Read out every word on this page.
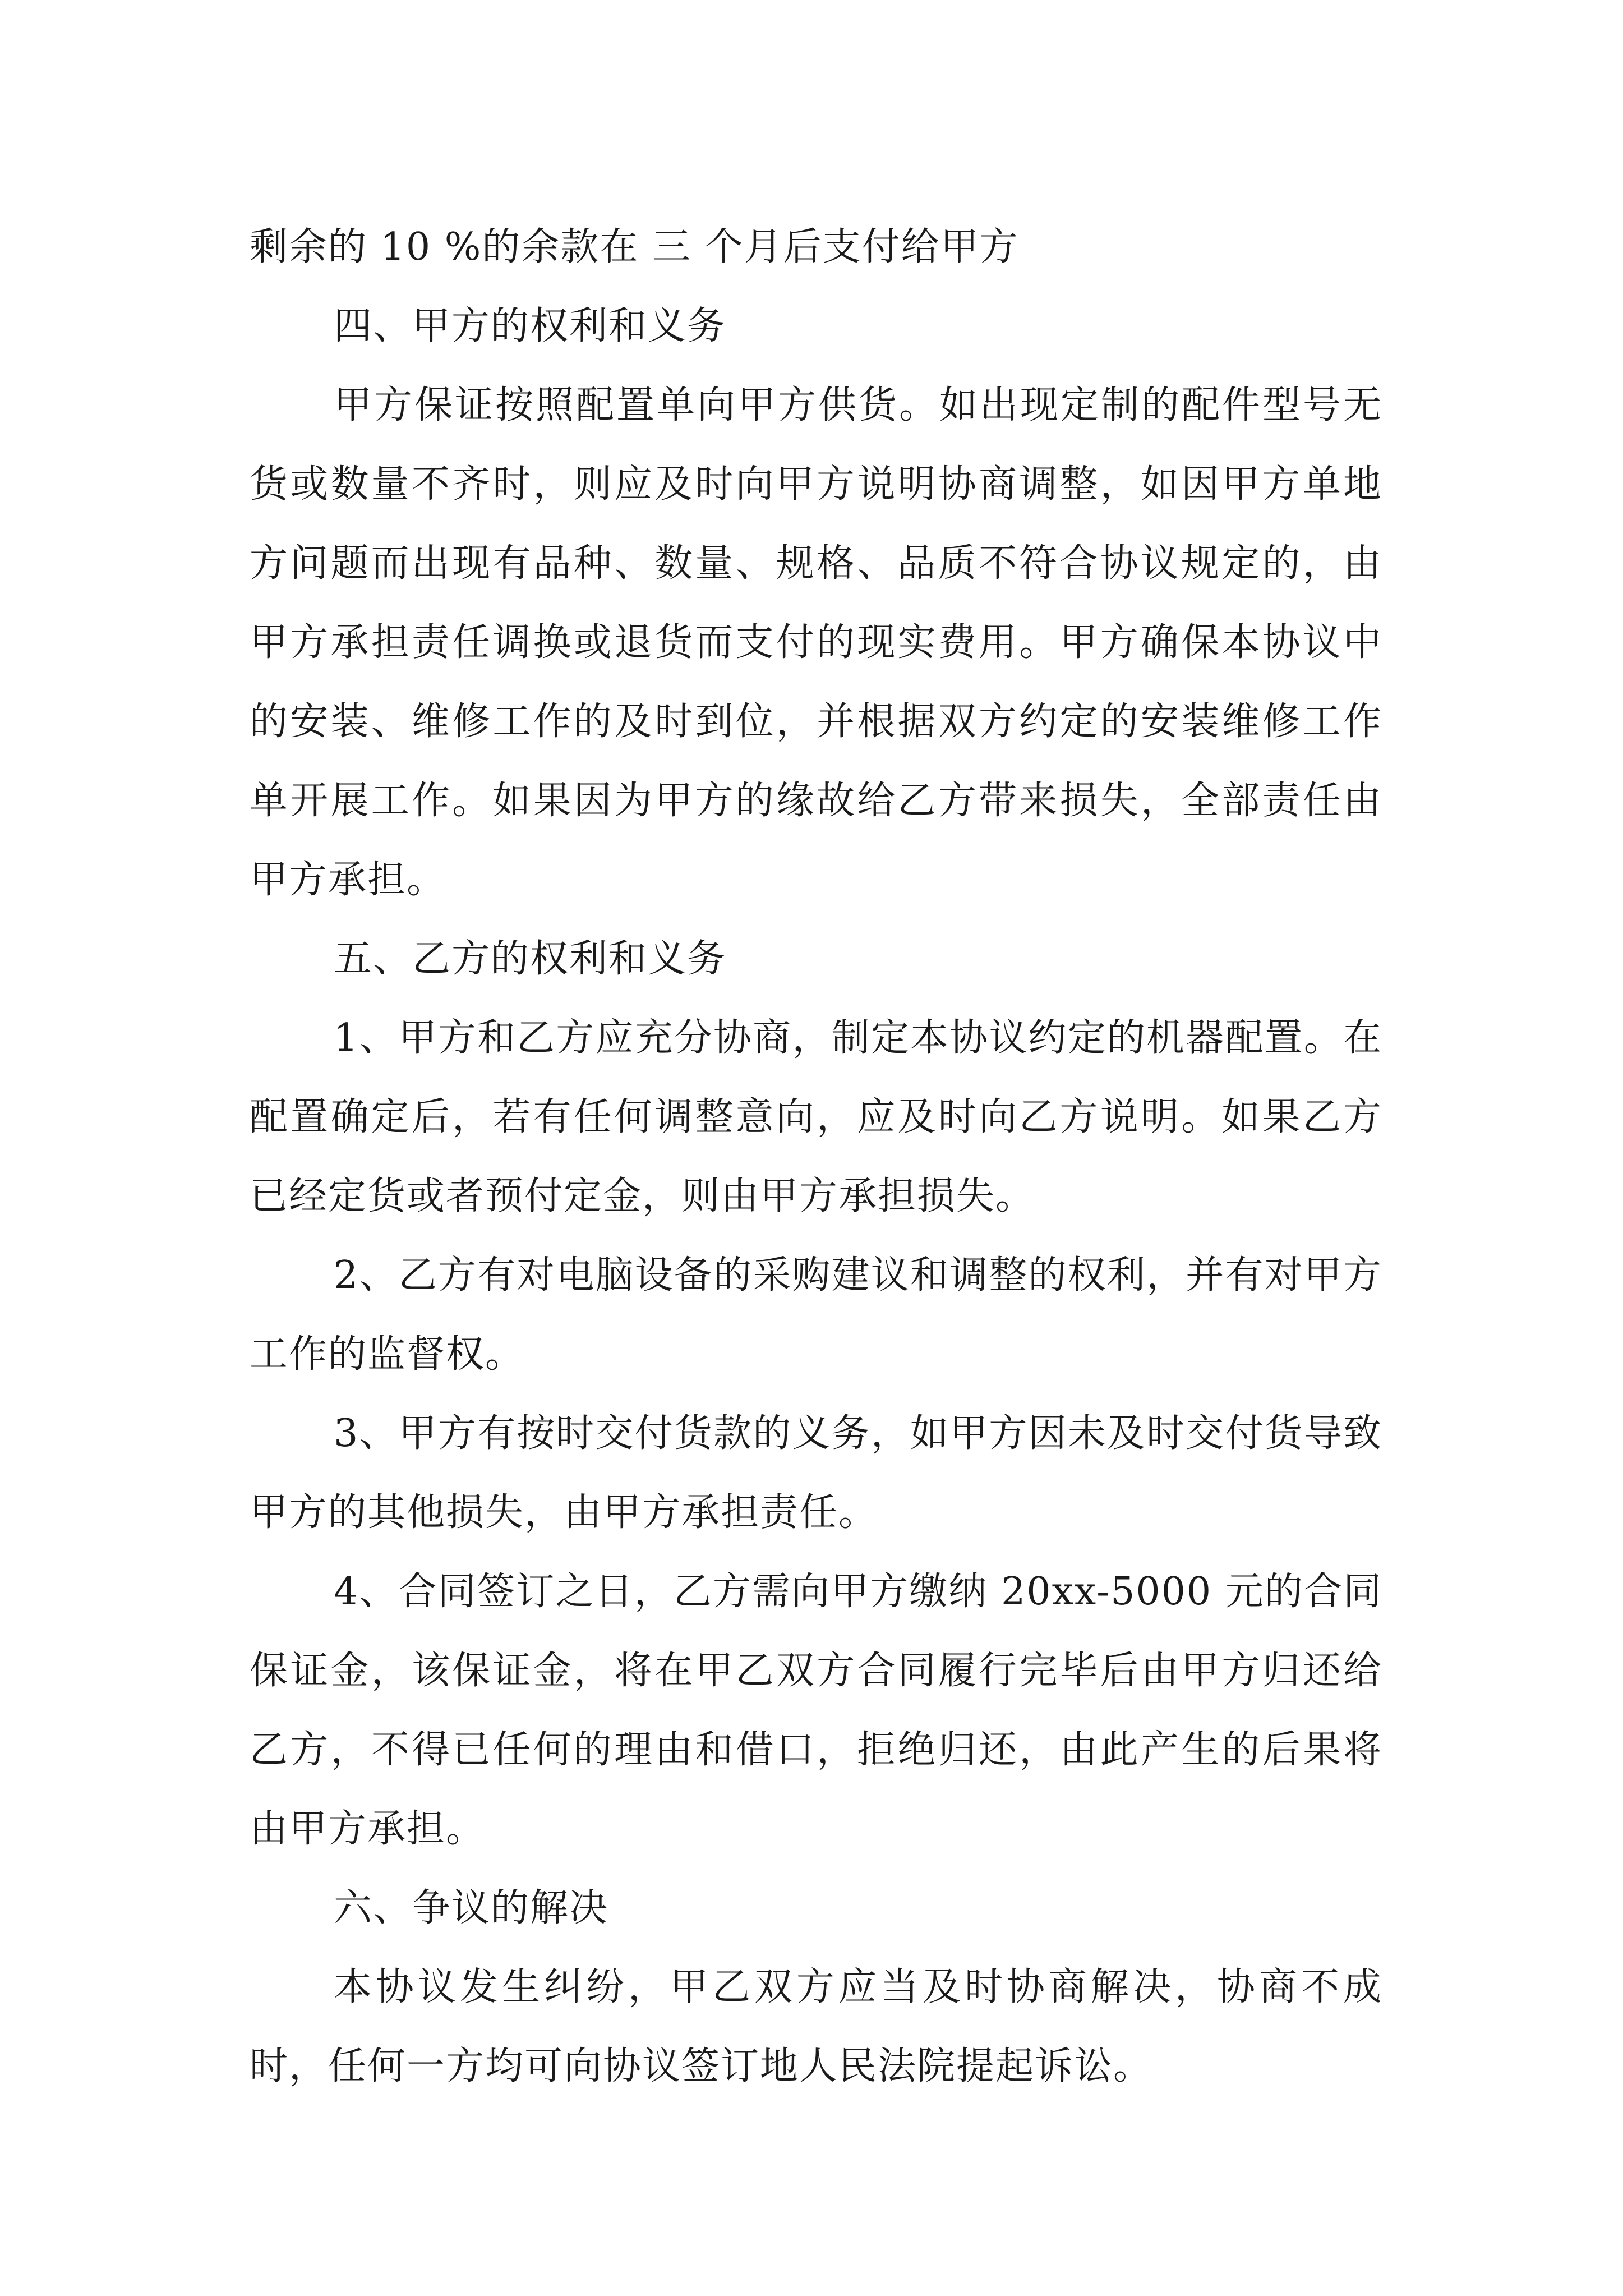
剩余的 10 %的余款在 三 个月后支付给甲方

四、甲方的权利和义务

甲方保证按照配置单向甲方供货。如出现定制的配件型号无货或数量不齐时，则应及时向甲方说明协商调整，如因甲方单地方问题而出现有品种、数量、规格、品质不符合协议规定的，由甲方承担责任调换或退货而支付的现实费用。甲方确保本协议中的安装、维修工作的及时到位，并根据双方约定的安装维修工作单开展工作。如果因为甲方的缘故给乙方带来损失，全部责任由甲方承担。

五、乙方的权利和义务

1、甲方和乙方应充分协商，制定本协议约定的机器配置。在配置确定后，若有任何调整意向，应及时向乙方说明。如果乙方已经定货或者预付定金，则由甲方承担损失。

2、乙方有对电脑设备的采购建议和调整的权利，并有对甲方工作的监督权。

3、甲方有按时交付货款的义务，如甲方因未及时交付货导致甲方的其他损失，由甲方承担责任。

4、合同签订之日，乙方需向甲方缴纳 20xx-5000 元的合同保证金，该保证金，将在甲乙双方合同履行完毕后由甲方归还给乙方，不得已任何的理由和借口，拒绝归还，由此产生的后果将由甲方承担。

六、争议的解决

本协议发生纠纷，甲乙双方应当及时协商解决，协商不成时，任何一方均可向协议签订地人民法院提起诉讼。
